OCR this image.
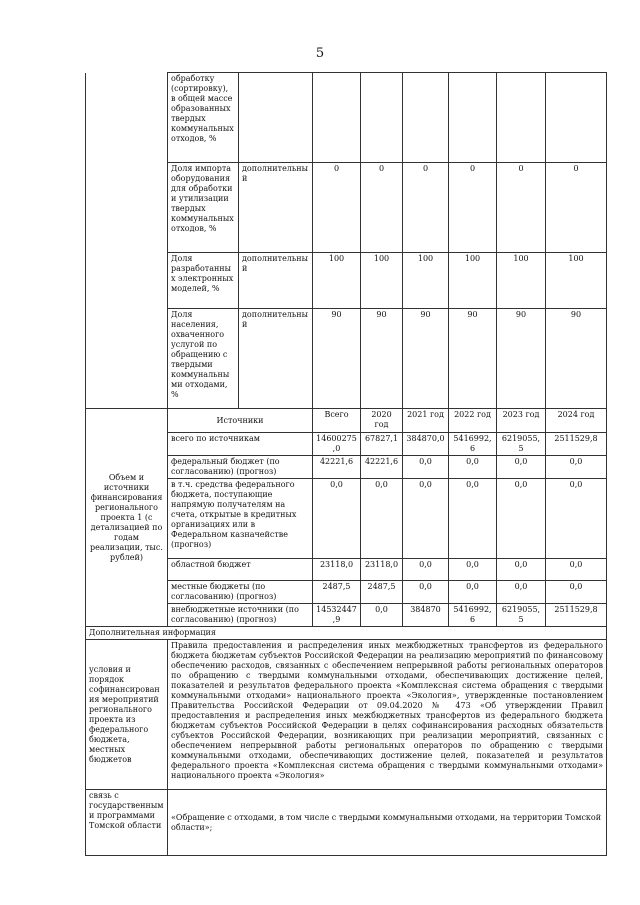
5
	обработку (сортировку), в общей массе образованных твердых коммунальных отходов, %							
	Доля импорта оборудования для обработки и утилизации твердых коммунальных отходов, %	дополнительный	0	0	0	0	0	0
	Доля разработанных электронных моделей, %	дополнительный	100	100	100	100	100	100
	Доля населения, охваченного услугой по обращению с твердыми коммунальными отходами, %	дополнительный	90	90	90	90	90	90
Объем и источники финансирования регионального проекта 1 (с детализацией по годам реализации, тыс. рублей)	Источники		Всего	2020 год	2021 год	2022 год	2023 год	2024 год
	всего по источникам		14600275,0	67827,1	384870,0	5416992,6	6219055,5	2511529,8
	федеральный бюджет (по согласованию) (прогноз)		42221,6	42221,6	0,0	0,0	0,0	0,0
	в т.ч. средства федерального бюджета, поступающие напрямую получателям на счета, открытые в кредитных организациях или в Федеральном казначействе (прогноз)		0,0	0,0	0,0	0,0	0,0	0,0
	областной бюджет		23118,0	23118,0	0,0	0,0	0,0	0,0
	местные бюджеты (по согласованию) (прогноз)		2487,5	2487,5	0,0	0,0	0,0	0,0
	внебюджетные источники (по согласованию) (прогноз)		14532447,9	0,0	384870	5416992,6	6219055,5	2511529,8
Дополнительная информация								
условия и порядок софинансирования мероприятий регионального проекта из федерального бюджета, местных бюджетов	Правила предоставления и распределения иных межбюджетных трансфертов из федерального бюджета бюджетам субъектов Российской Федерации на реализацию мероприятий по финансовому обеспечению расходов, связанных с обеспечением непрерывной работы региональных операторов по обращению с твердыми коммунальными отходами, обеспечивающих достижение целей, показателей и результатов федерального проекта «Комплексная система обращения с твердыми коммунальными отходами» национального проекта «Экология», утвержденные постановлением Правительства Российской Федерации от 09.04.2020 № 473 «Об утверждении Правил предоставления и распределения иных межбюджетных трансфертов из федерального бюджета бюджетам субъектов Российской Федерации в целях софинансирования расходных обязательств субъектов Российской Федерации, возникающих при реализации мероприятий, связанных с обеспечением непрерывной работы региональных операторов по обращению с твердыми коммунальными отходами, обеспечивающих достижение целей, показателей и результатов федерального проекта «Комплексная система обращения с твердыми коммунальными отходами» национального проекта «Экология»							
связь с государственными программами Томской области	«Обращение с отходами, в том числе с твердыми коммунальными отходами, на территории Томской области»;							
